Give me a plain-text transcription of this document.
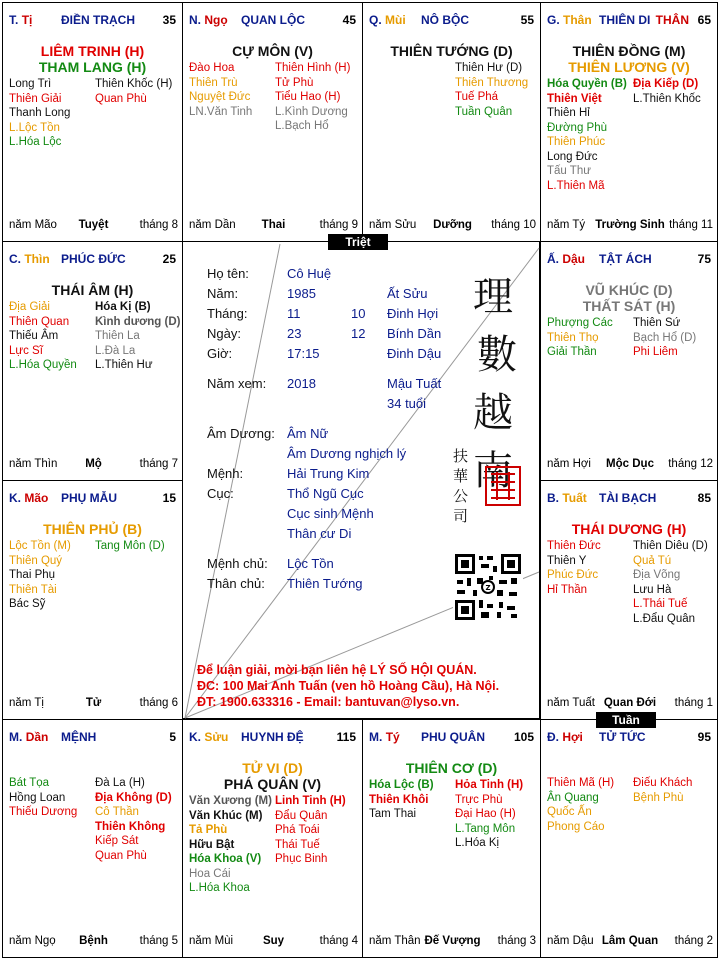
T. Tị ĐIỀN TRẠCH 35
LIÊM TRINH (H)
THAM LANG (H)
Long Trì
Thiên Giải
Thanh Long
L.Lộc Tồn
L.Hóa Lộc
Thiên Khốc (H)
Quan Phù
năm Mão Tuyệt	tháng 8
N. Ngọ QUAN LỘC	45
CỰ MÔN (V)
Đào Hoa
Thiên Trù
Nguyệt Đức
LN.Văn Tinh
Thiên Hình (H)
Tử Phù
Tiểu Hao (H)
L.Kình Dương
L.Bạch Hổ
năm Dần Thai	tháng 9
Q. Mùi NÔ BỘC	55
THIÊN TƯỚNG (D)
Thiên Hư (D)
Thiên Thương
Tuế Phá
Tuần Quân
năm Sửu Dưỡng tháng 10
G. Thân THIÊN DI THÂN 65
THIÊN ĐỒNG (M)
THIÊN LƯƠNG (V)
Hóa Quyền (B)
Thiên Việt
Thiên Hỉ
Đường Phù
Thiên Phúc
Long Đức
Tấu Thư
L.Thiên Mã
Địa Kiếp (D)
L.Thiên Khốc
năm Tý Trường Sinh tháng 11
C. Thìn PHÚC ĐỨC	25
THÁI ÂM (H)
Địa Giải
Thiên Quan
Thiếu Âm
Lực Sĩ
L.Hóa Quyền
Hóa Kị (B)
Kình dương (D)
Thiên La
L.Đà La
L.Thiên Hư
năm Thìn Mộ	tháng 7
Ấ. Dậu TẬT ÁCH	75
VŨ KHÚC (D)
THẤT SÁT (H)
Phượng Các
Thiên Thọ
Giải Thần
Thiên Sứ
Bạch Hổ (D)
Phi Liêm
năm Hợi Mộc Dục tháng 12
K. Mão PHỤ MẪU	15
THIÊN PHỦ (B)
Lộc Tồn (M)
Thiên Quý
Thai Phụ
Thiên Tài
Bác Sỹ
Tang Môn (D)
năm Tị	Tử	tháng 6
B. Tuất TÀI BẠCH	85
THÁI DƯƠNG (H)
Thiên Đức
Thiên Y
Phúc Đức
Hỉ Thần
Thiên Diêu (D)
Quả Tú
Địa Võng
Lưu Hà
L.Thái Tuế
L.Đẩu Quân
năm Tuất Quan Đới tháng 1
M. Dần MỆNH	5
Bát Tọa
Hồng Loan
Thiếu Dương
Đà La (H)
Địa Không (D)
Cô Thần
Thiên Không
Kiếp Sát
Quan Phù
năm Ngọ Bệnh	tháng 5
K. Sửu HUYNH ĐỆ	115
TỬ VI (D)
PHÁ QUÂN (V)
Văn Xương (M)
Văn Khúc (M)
Tả Phù
Hữu Bật
Hóa Khoa (V)
Hoa Cái
L.Hóa Khoa
Linh Tinh (H)
Đẩu Quân
Phá Toái
Thái Tuế
Phục Binh
năm Mùi	Suy	tháng 4
M. Tý PHU QUÂN 105
THIÊN CƠ (D)
Hóa Lộc (B)
Thiên Khôi
Tam Thai
Hỏa Tinh (H)
Trực Phù
Đại Hao (H)
L.Tang Môn
L.Hóa Kị
năm Thân Đế Vượng tháng 3
Đ. Hợi TỬ TỨC	95
Thiên Mã (H)
Ân Quang
Quốc Ấn
Phong Cáo
Điếu Khách
Bệnh Phù
năm Dậu Lâm Quan tháng 2
Họ tên:	Cô Huệ
Năm:	1985	Ất Sửu
Tháng:	11	10 Đinh Hợi
Ngày:	23	12 Bính Dần
Giờ:	17:15	Đinh Dậu
Năm xem: 2018	Mậu Tuất
34 tuổi
Âm Dương: Âm Nữ
Âm Dương nghịch lý
Mệnh:	Hải Trung Kim
Cục:	Thổ Ngũ Cục
Cục sinh Mệnh
Thân cư Di
Mệnh chủ: Lộc Tồn
Thân chủ: Thiên Tướng
理
數
越
南
扶
華
公
司
Z
Để luận giải, mời bạn liên hệ LÝ SỐ HỘI QUÁN.
ĐC: 100 Mai Anh Tuấn (ven hồ Hoàng Cầu), Hà Nội.
ĐT: 1900.633316 - Email: bantuvan@lyso.vn.
Triệt
Tuần
